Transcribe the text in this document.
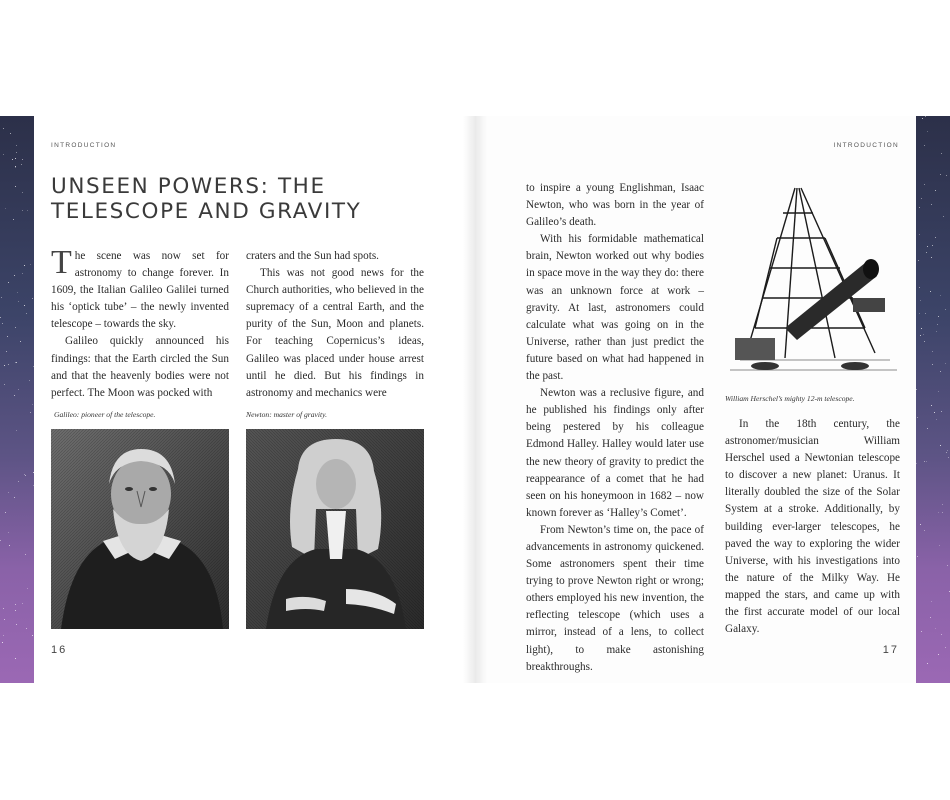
INTRODUCTION
UNSEEN POWERS: THE
TELESCOPE AND GRAVITY

The scene was now set for astronomy to change forever. In 1609, the Italian Galileo Galilei turned his ‘optick tube’ – the newly invented telescope – towards the sky.

Galileo quickly announced his findings: that the Earth circled the Sun and that the heavenly bodies were not perfect. The Moon was pocked with

craters and the Sun had spots.

This was not good news for the Church authorities, who believed in the supremacy of a central Earth, and the purity of the Sun, Moon and planets. For teaching Copernicus’s ideas, Galileo was placed under house arrest until he died. But his findings in astronomy and mechanics were

Galileo: pioneer of the telescope.	Newton: master of gravity.
16
INTRODUCTION

to inspire a young Englishman, Isaac Newton, who was born in the year of Galileo’s death.

With his formidable mathematical brain, Newton worked out why bodies in space move in the way they do: there was an unknown force at work – gravity. At last, astronomers could calculate what was going on in the Universe, rather than just predict the future based on what had happened in the past.

Newton was a reclusive figure, and he published his findings only after being pestered by his colleague Edmond Halley. Halley would later use the new theory of gravity to predict the reappearance of a comet that he had seen on his honeymoon in 1682 – now known forever as ‘Halley’s Comet’.

From Newton’s time on, the pace of advancements in astronomy quickened. Some astronomers spent their time trying to prove Newton right or wrong; others employed his new invention, the reflecting telescope (which uses a mirror, instead of a lens, to collect light), to make astonishing breakthroughs.

William Herschel’s mighty 12-m telescope.

In the 18th century, the astronomer/musician William Herschel used a Newtonian telescope to discover a new planet: Uranus. It literally doubled the size of the Solar System at a stroke. Additionally, by building ever-larger telescopes, he paved the way to exploring the wider Universe, with his investigations into the nature of the Milky Way. He mapped the stars, and came up with the first accurate model of our local Galaxy.

17
